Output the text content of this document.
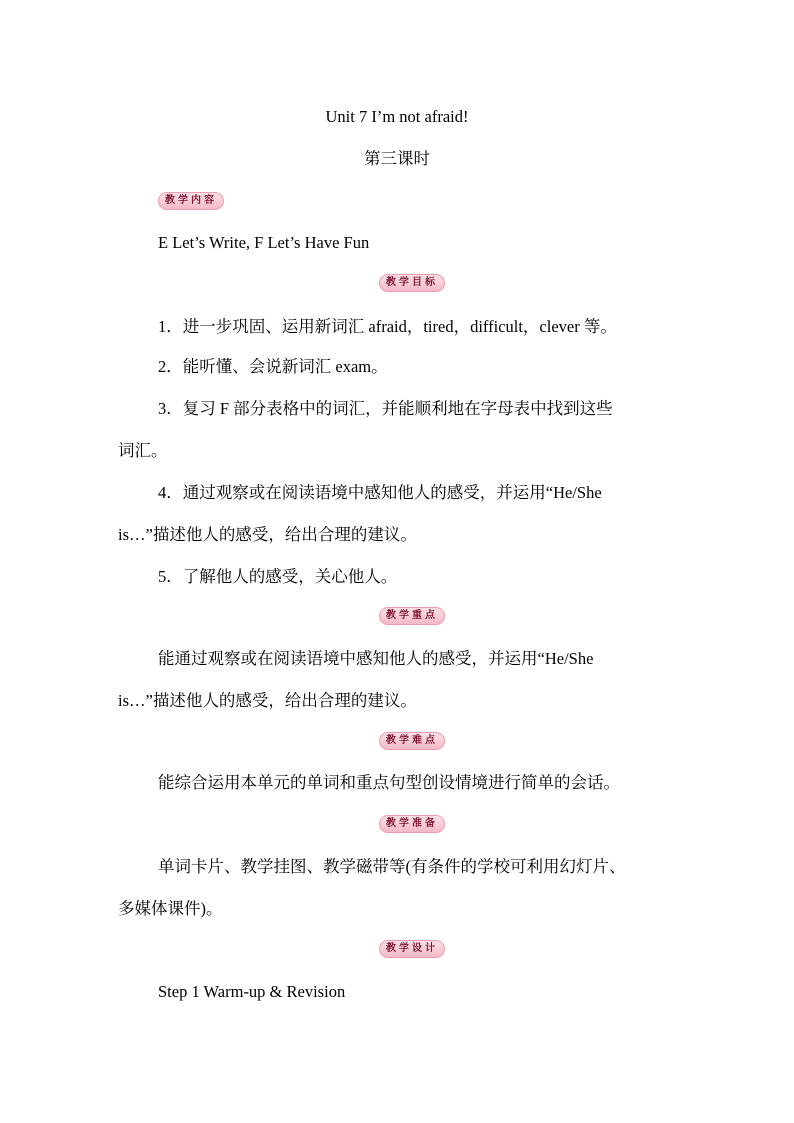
Unit 7 I’m not afraid!
第三课时
教学内容
E Let’s Write, F Let’s Have Fun
教学目标
1．进一步巩固、运用新词汇 afraid，tired，difficult，clever 等。
2．能听懂、会说新词汇 exam。
3．复习 F 部分表格中的词汇，并能顺利地在字母表中找到这些
词汇。
4．通过观察或在阅读语境中感知他人的感受，并运用“He/She
is…”描述他人的感受，给出合理的建议。
5．了解他人的感受，关心他人。
教学重点
能通过观察或在阅读语境中感知他人的感受，并运用“He/She
is…”描述他人的感受，给出合理的建议。
教学难点
能综合运用本单元的单词和重点句型创设情境进行简单的会话。
教学准备
单词卡片、教学挂图、教学磁带等(有条件的学校可利用幻灯片、
多媒体课件)。
教学设计
Step 1 Warm-up & Revision
